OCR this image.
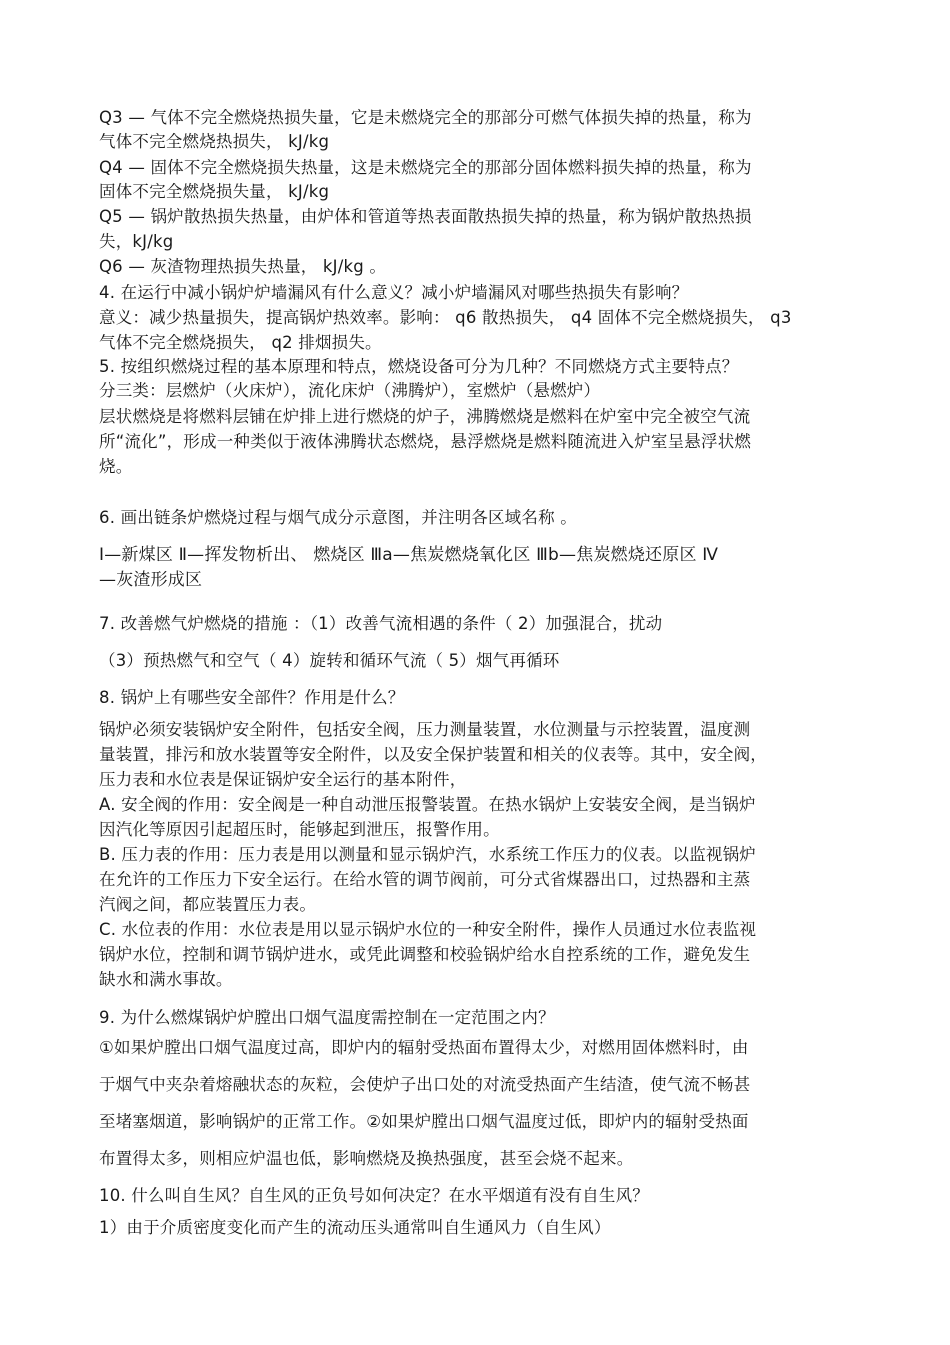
Q3 — 气体不完全燃烧热损失量，它是未燃烧完全的那部分可燃气体损失掉的热量，称为
气体不完全燃烧热损失， kJ/kg
Q4 — 固体不完全燃烧损失热量，这是未燃烧完全的那部分固体燃料损失掉的热量，称为
固体不完全燃烧损失量， kJ/kg
Q5 — 锅炉散热损失热量，由炉体和管道等热表面散热损失掉的热量，称为锅炉散热热损
失，kJ/kg
Q6 — 灰渣物理热损失热量， kJ/kg 。
4. 在运行中减小锅炉炉墙漏风有什么意义？减小炉墙漏风对哪些热损失有影响？
意义：减少热量损失，提高锅炉热效率。影响： q6 散热损失， q4 固体不完全燃烧损失， q3
气体不完全燃烧损失， q2 排烟损失。
5. 按组织燃烧过程的基本原理和特点，燃烧设备可分为几种？不同燃烧方式主要特点？
分三类：层燃炉（火床炉），流化床炉（沸腾炉），室燃炉（悬燃炉）
层状燃烧是将燃料层铺在炉排上进行燃烧的炉子，沸腾燃烧是燃料在炉室中完全被空气流
所“流化”，形成一种类似于液体沸腾状态燃烧，悬浮燃烧是燃料随流进入炉室呈悬浮状燃
烧。
6. 画出链条炉燃烧过程与烟气成分示意图，并注明各区域名称 。
Ⅰ—新煤区 Ⅱ—挥发物析出、 燃烧区 Ⅲa—焦炭燃烧氧化区 Ⅲb—焦炭燃烧还原区 Ⅳ
—灰渣形成区
7. 改善燃气炉燃烧的措施 ：（1）改善气流相遇的条件（ 2）加强混合，扰动
（3）预热燃气和空气（ 4）旋转和循环气流（ 5）烟气再循环
8. 锅炉上有哪些安全部件？作用是什么？
锅炉必须安装锅炉安全附件，包括安全阀，压力测量装置，水位测量与示控装置，温度测
量装置，排污和放水装置等安全附件，以及安全保护装置和相关的仪表等。其中，安全阀，
压力表和水位表是保证锅炉安全运行的基本附件，
A. 安全阀的作用：安全阀是一种自动泄压报警装置。在热水锅炉上安装安全阀，是当锅炉
因汽化等原因引起超压时，能够起到泄压，报警作用。
B. 压力表的作用：压力表是用以测量和显示锅炉汽，水系统工作压力的仪表。以监视锅炉
在允许的工作压力下安全运行。在给水管的调节阀前，可分式省煤器出口，过热器和主蒸
汽阀之间，都应装置压力表。
C. 水位表的作用：水位表是用以显示锅炉水位的一种安全附件，操作人员通过水位表监视
锅炉水位，控制和调节锅炉进水，或凭此调整和校验锅炉给水自控系统的工作，避免发生
缺水和满水事故。
9. 为什么燃煤锅炉炉膛出口烟气温度需控制在一定范围之内？
①如果炉膛出口烟气温度过高，即炉内的辐射受热面布置得太少，对燃用固体燃料时，由
于烟气中夹杂着熔融状态的灰粒，会使炉子出口处的对流受热面产生结渣，使气流不畅甚
至堵塞烟道，影响锅炉的正常工作。②如果炉膛出口烟气温度过低，即炉内的辐射受热面
布置得太多，则相应炉温也低，影响燃烧及换热强度，甚至会烧不起来。
10. 什么叫自生风？自生风的正负号如何决定？在水平烟道有没有自生风？
1）由于介质密度变化而产生的流动压头通常叫自生通风力（自生风）
